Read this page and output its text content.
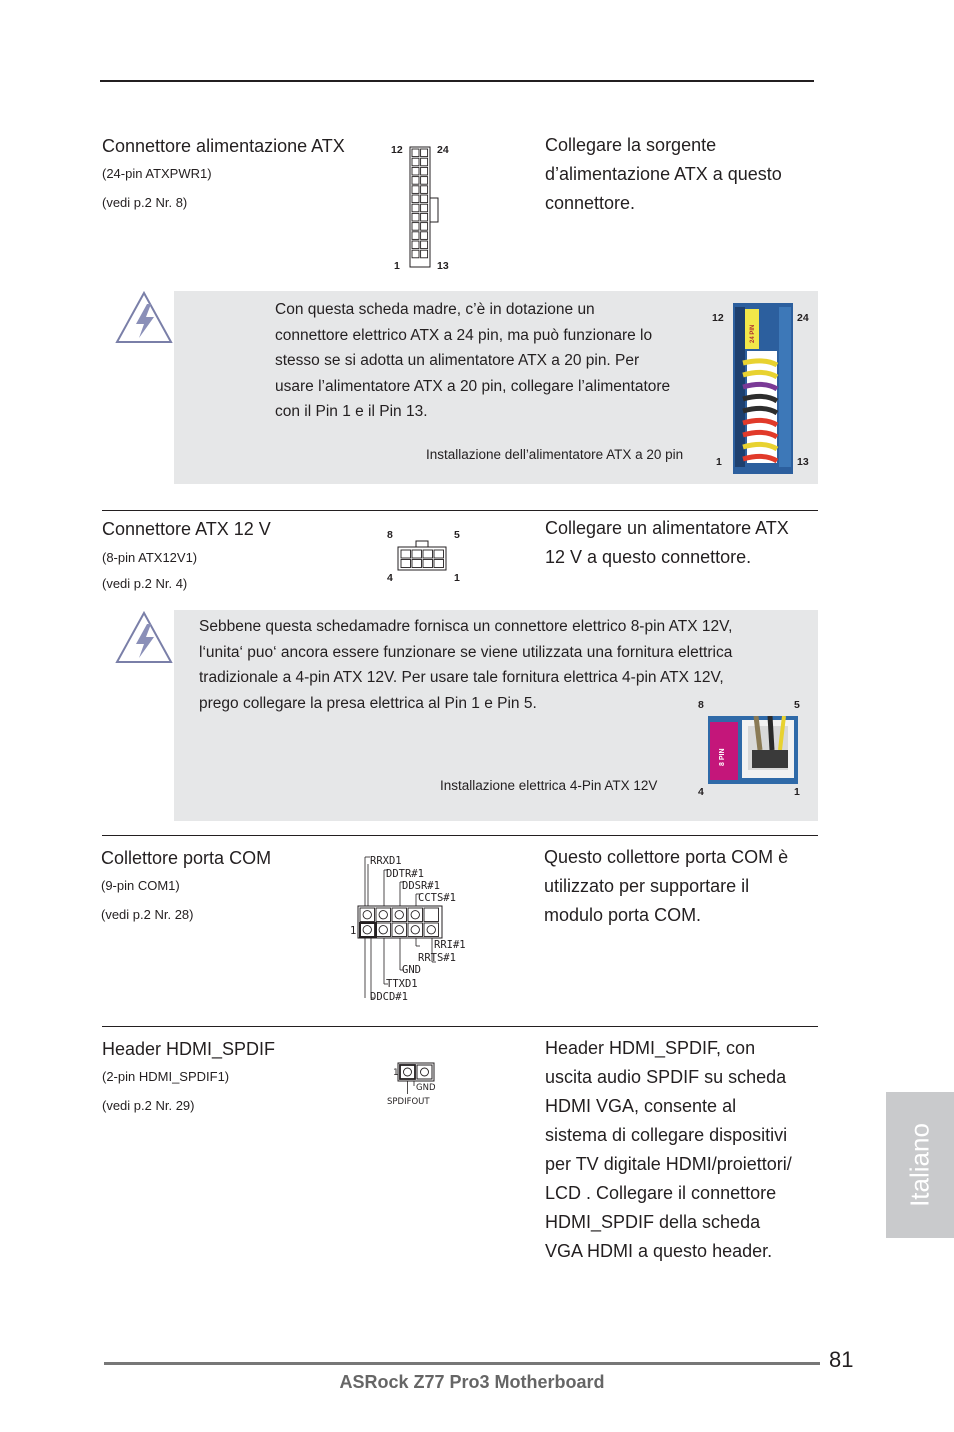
Connettore alimentazione ATX
(24-pin ATXPWR1)
(vedi p.2 Nr. 8)
12	24
1	13
Collegare la sorgente
d’alimentazione ATX a questo
connettore.
Con questa scheda madre, c’è in dotazione un
connettore elettrico ATX a 24 pin, ma può funzionare lo
stesso se si adotta un alimentatore ATX a 20 pin. Per
usare l’alimentatore ATX a 20 pin, collegare l’alimentatore
con il Pin 1 e il Pin 13.
Installazione dell’alimentatore ATX a 20 pin
12	24
1	13
24 PIN
Connettore ATX 12 V
(8-pin ATX12V1)
(vedi p.2 Nr. 4)
8	5
4	1
Collegare un alimentatore ATX
12 V a questo connettore.
Sebbene questa schedamadre fornisca un connettore elettrico 8-pin ATX 12V,
l‘unita‘ puo‘ ancora essere funzionare se viene utilizzata una fornitura elettrica
tradizionale a 4-pin ATX 12V. Per usare tale fornitura elettrica 4-pin ATX 12V,
prego collegare la presa elettrica al Pin 1 e Pin 5.
Installazione elettrica 4-Pin ATX 12V
8	5
4	1
8 PIN
Collettore porta COM
(9-pin COM1)
(vedi p.2 Nr. 28)
RRXD1
DDTR#1
DDSR#1
CCTS#1
RRI#1
RRTS#1
GND
TTXD1
DDCD#1
1
Questo collettore porta COM è
utilizzato per supportare il
modulo porta COM.
Header HDMI_SPDIF
(2-pin HDMI_SPDIF1)
(vedi p.2 Nr. 29)
1
GND
SPDIFOUT
Header HDMI_SPDIF, con
uscita audio SPDIF su scheda
HDMI VGA, consente al
sistema di collegare dispositivi
per TV digitale HDMI/proiettori/
LCD . Collegare il connettore
HDMI_SPDIF della scheda
VGA HDMI a questo header.
Italiano
81
ASRock Z77 Pro3 Motherboard
